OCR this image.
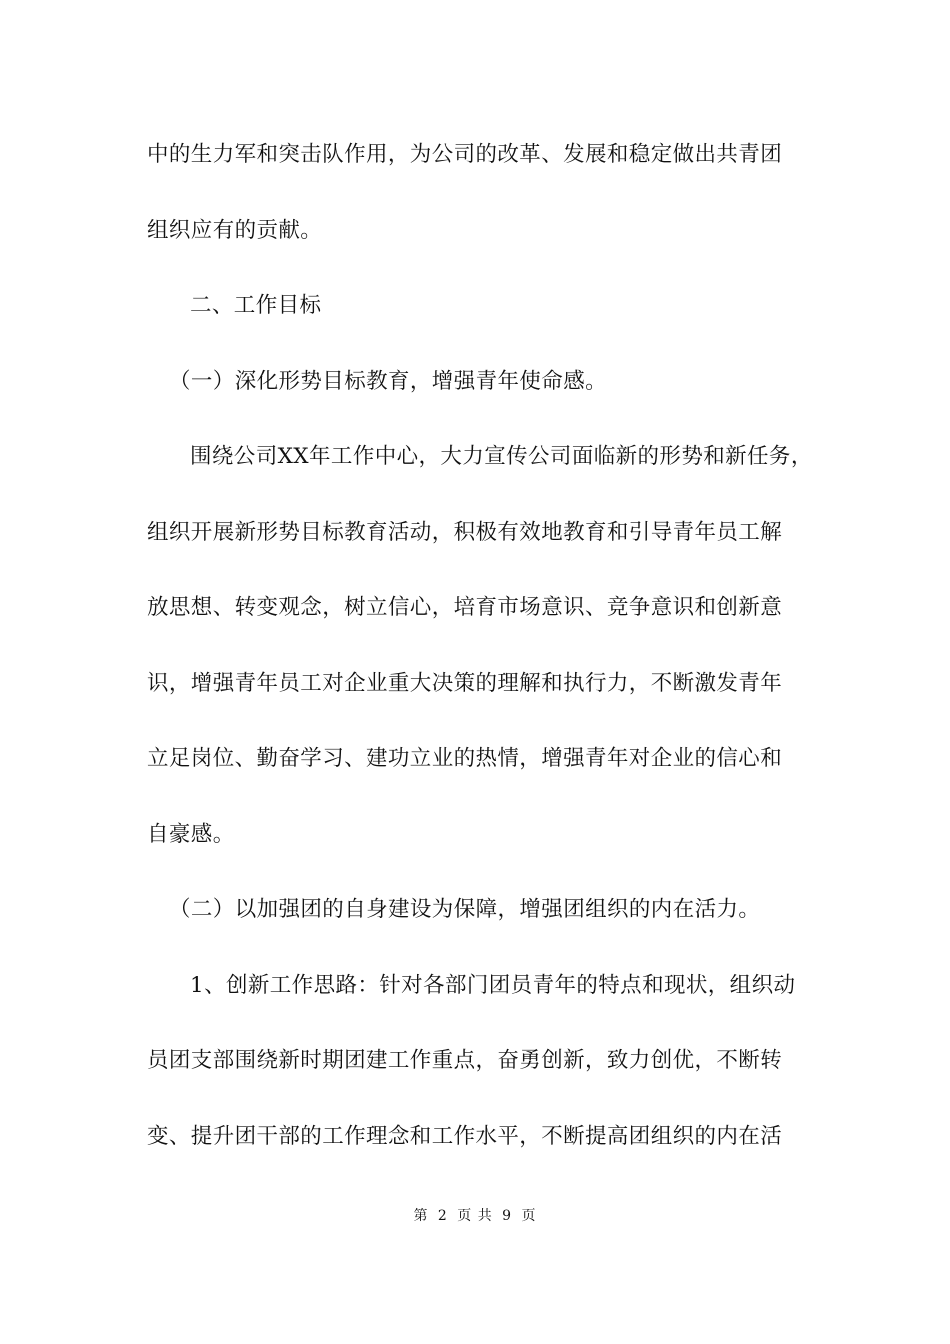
中的生力军和突击队作用，为公司的改革、发展和稳定做出共青团
组织应有的贡献。
二、工作目标
（一）深化形势目标教育，增强青年使命感。
围绕公司XX年工作中心，大力宣传公司面临新的形势和新任务，
组织开展新形势目标教育活动，积极有效地教育和引导青年员工解
放思想、转变观念，树立信心，培育市场意识、竞争意识和创新意
识，增强青年员工对企业重大决策的理解和执行力，不断激发青年
立足岗位、勤奋学习、建功立业的热情，增强青年对企业的信心和
自豪感。
（二）以加强团的自身建设为保障，增强团组织的内在活力。
1、创新工作思路：针对各部门团员青年的特点和现状，组织动
员团支部围绕新时期团建工作重点，奋勇创新，致力创优，不断转
变、提升团干部的工作理念和工作水平，不断提高团组织的内在活
第 2 页 共 9 页
